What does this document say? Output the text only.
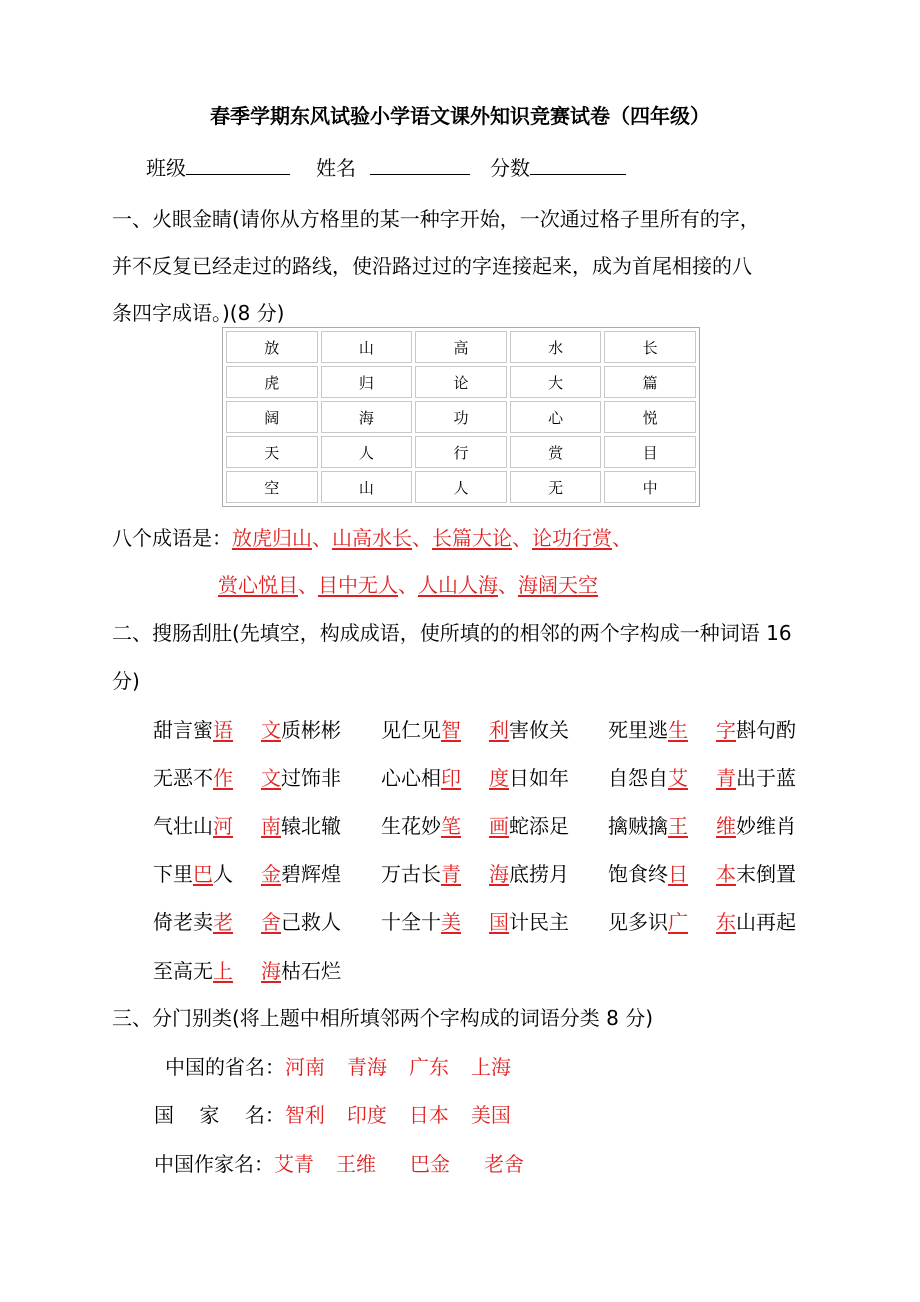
春季学期东风试验小学语文课外知识竞赛试卷（四年级）
班级	姓名	分数
一、火眼金睛(请你从方格里的某一种字开始，一次通过格子里所有的字，
并不反复已经走过的路线，使沿路过过的字连接起来，成为首尾相接的八
条四字成语。)(8 分)
放	山	高	水	长
虎	归	论	大	篇
阔	海	功	心	悦
天	人	行	赏	目
空	山	人	无	中
八个成语是：放虎归山、山高水长、长篇大论、论功行赏、
赏心悦目、目中无人、人山人海、海阔天空
二、搜肠刮肚(先填空，构成成语，使所填的的相邻的两个字构成一种词语 16
分)
甜言蜜语 文质彬彬 见仁见智 利害攸关 死里逃生 字斟句酌
无恶不作 文过饰非 心心相印 度日如年 自怨自艾 青出于蓝
气壮山河 南辕北辙 生花妙笔 画蛇添足 擒贼擒王 维妙维肖
下里巴人 金碧辉煌 万古长青 海底捞月 饱食终日 本末倒置
倚老卖老 舍己救人 十全十美 国计民主 见多识广 东山再起
至高无上 海枯石烂
三、分门别类(将上题中相所填邻两个字构成的词语分类 8 分)
中国的省名：河南 青海 广东 上海
国    家    名：智利 印度 日本 美国
中国作家名：艾青 王维 巴金 老舍
